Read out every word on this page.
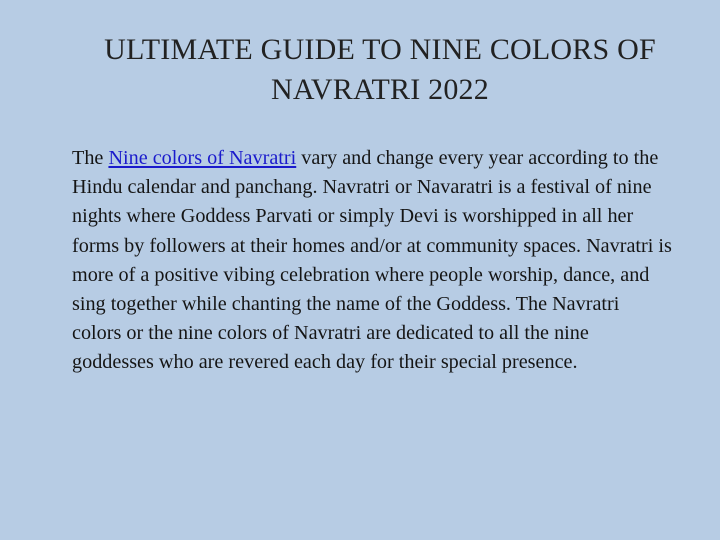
ULTIMATE GUIDE TO NINE COLORS OF
NAVRATRI 2022

The Nine colors of Navratri vary and change every year according to the Hindu calendar and panchang. Navratri or Navaratri is a festival of nine nights where Goddess Parvati or simply Devi is worshipped in all her forms by followers at their homes and/or at community spaces. Navratri is more of a positive vibing celebration where people worship, dance, and sing together while chanting the name of the Goddess. The Navratri colors or the nine colors of Navratri are dedicated to all the nine goddesses who are revered each day for their special presence.
